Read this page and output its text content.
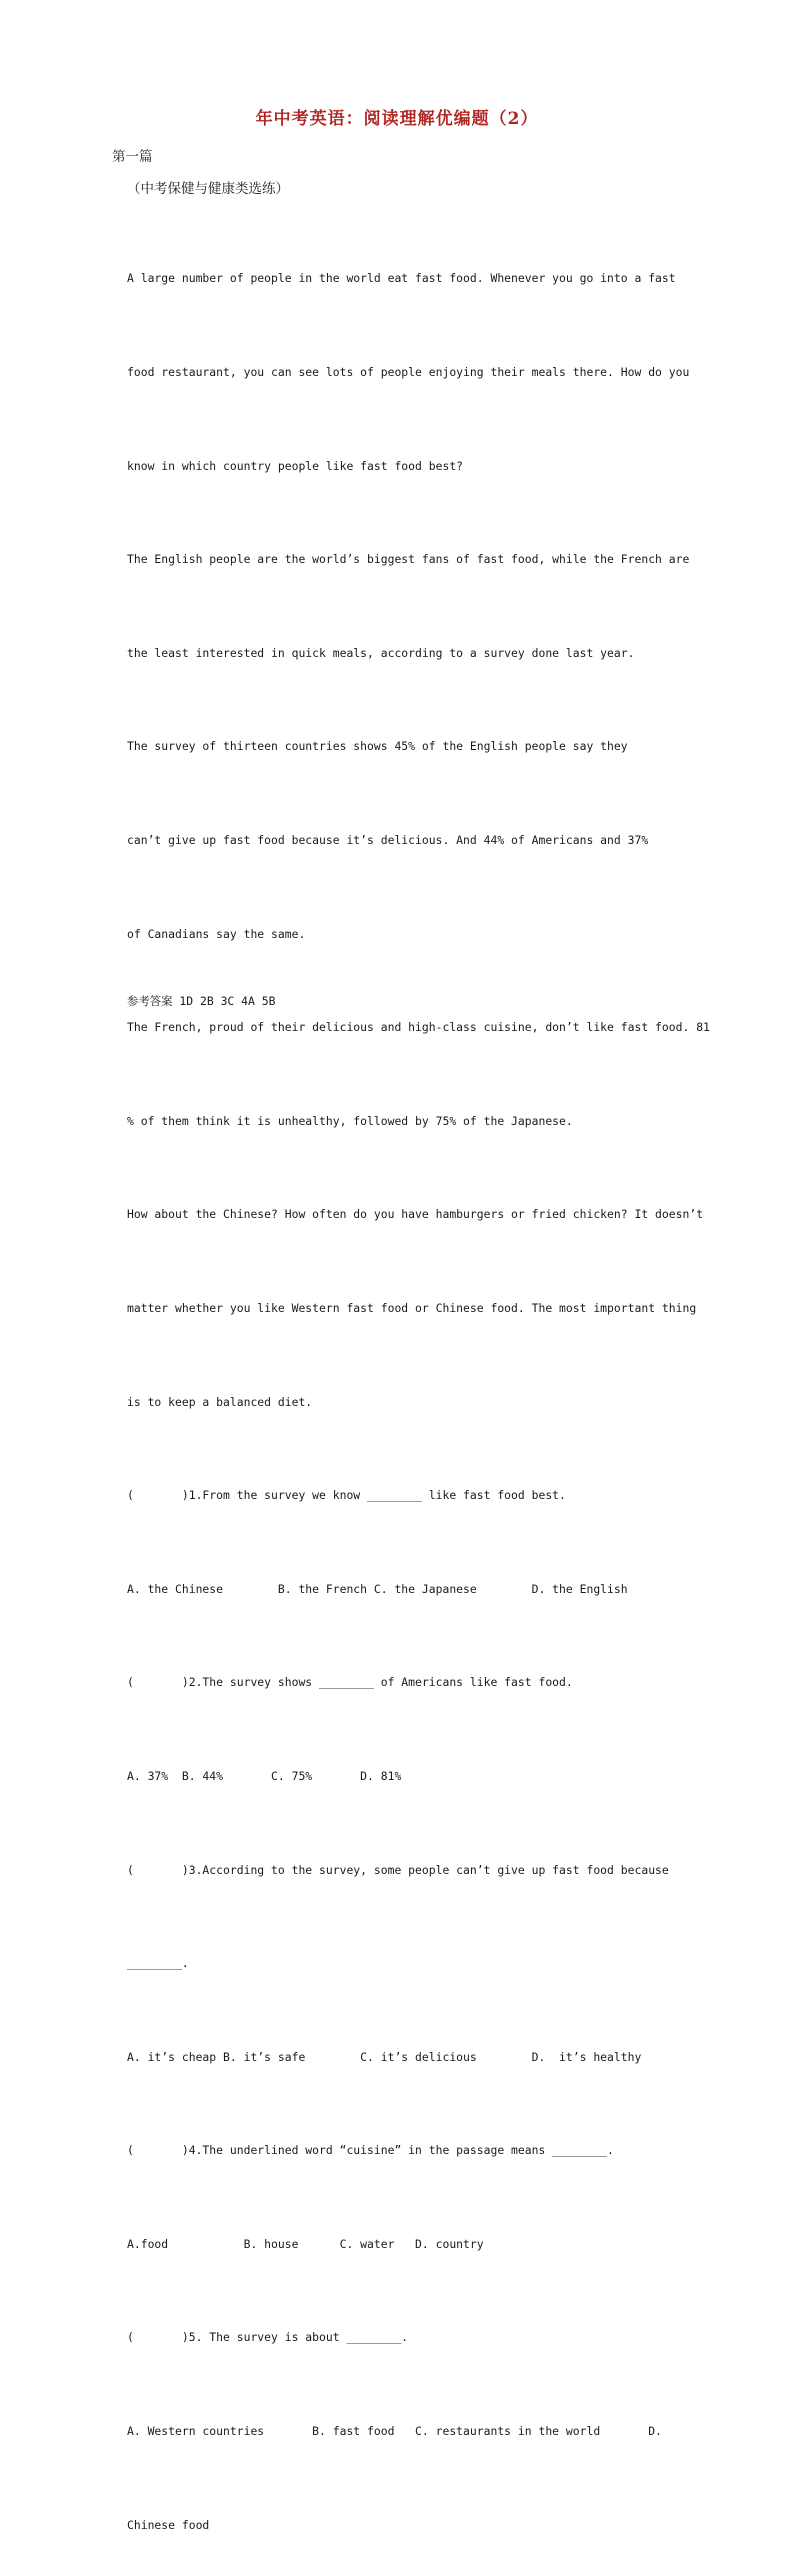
年中考英语：阅读理解优编题（2）
第一篇
（中考保健与健康类选练）

A large number of people in the world eat fast food. Whenever you go into a fast

food restaurant, you can see lots of people enjoying their meals there. How do you

know in which country people like fast food best?

The English people are the world’s biggest fans of fast food, while the French are

the least interested in quick meals, according to a survey done last year.

The survey of thirteen countries shows 45% of the English people say they

can’t give up fast food because it’s delicious. And 44% of Americans and 37%

of Canadians say the same.

The French, proud of their delicious and high-class cuisine, don’t like fast food. 81

% of them think it is unhealthy, followed by 75% of the Japanese.

How about the Chinese? How often do you have hamburgers or fried chicken? It doesn’t

matter whether you like Western fast food or Chinese food. The most important thing

is to keep a balanced diet.

(       )1.From the survey we know ________ like fast food best.

A. the Chinese        B. the French C. the Japanese        D. the English

(       )2.The survey shows ________ of Americans like fast food.

A. 37%  B. 44%       C. 75%       D. 81%

(       )3.According to the survey, some people can’t give up fast food because

________.

A. it’s cheap B. it’s safe        C. it’s delicious        D.  it’s healthy

(       )4.The underlined word “cuisine” in the passage means ________.

A.food           B. house      C. water   D. country

(       )5. The survey is about ________.

A. Western countries       B. fast food   C. restaurants in the world       D.

Chinese food

参考答案 1D 2B 3C 4A 5B
